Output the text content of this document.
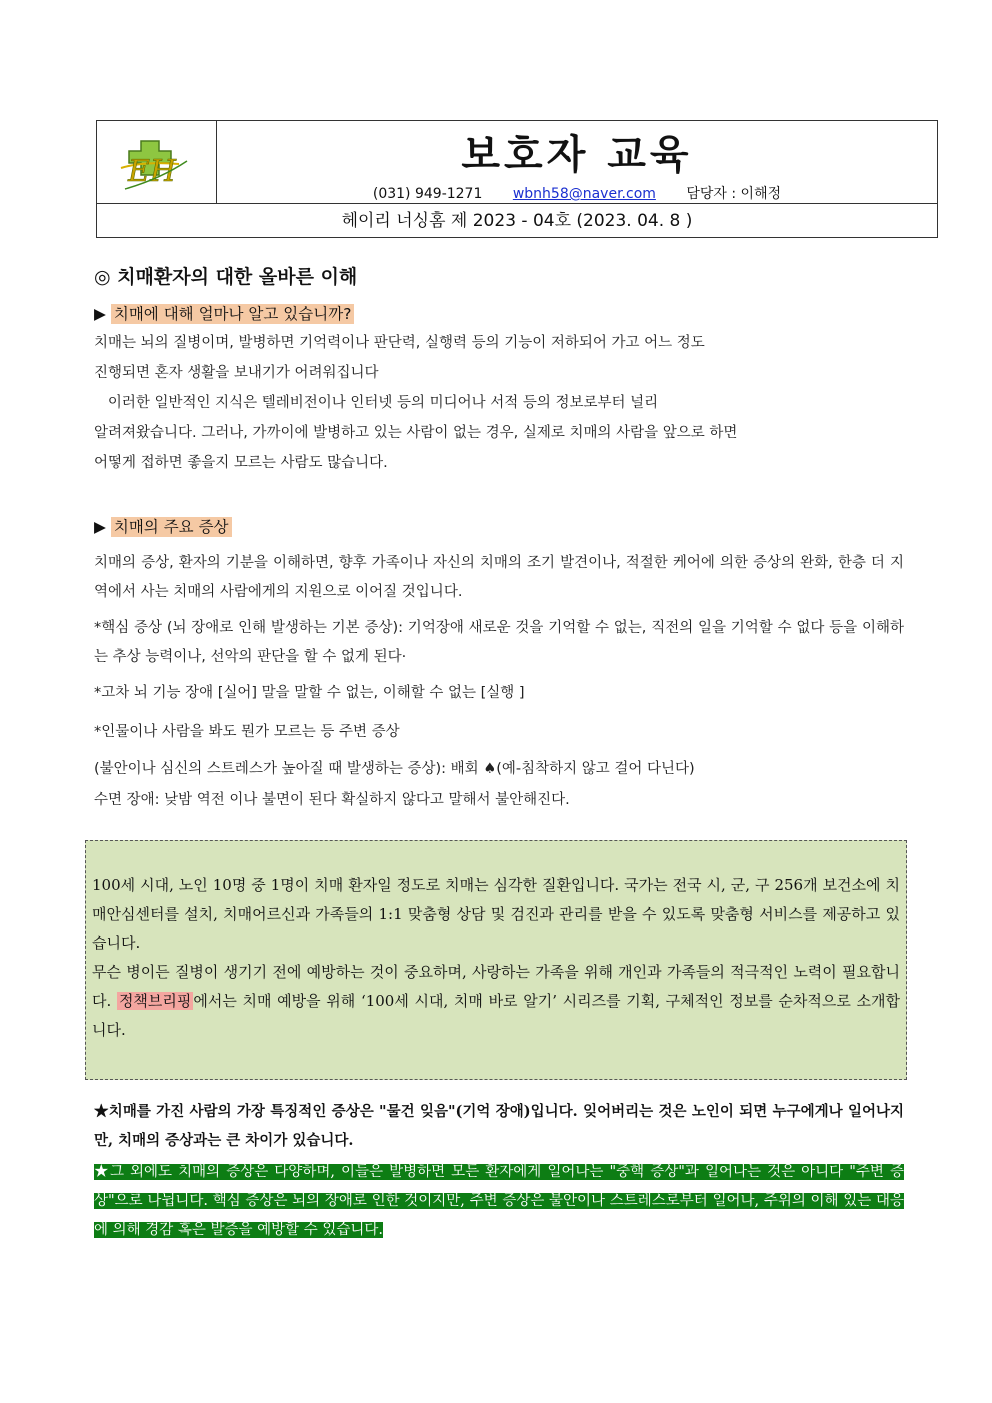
EH	보호자 교육
(031) 949-1271 wbnh58@naver.com 담당자 : 이해정
헤이리 너싱홈 제 2023 - 04호 (2023. 04. 8 )
◎ 치매환자의 대한 올바른 이해
▶ 치매에 대해 얼마나 알고 있습니까?

치매는 뇌의 질병이며, 발병하면 기억력이나 판단력, 실행력 등의 기능이 저하되어 가고 어느 정도

진행되면 혼자 생활을 보내기가 어려워집니다

이러한 일반적인 지식은 텔레비전이나 인터넷 등의 미디어나 서적 등의 정보로부터 널리

알려져왔습니다. 그러나, 가까이에 발병하고 있는 사람이 없는 경우, 실제로 치매의 사람을 앞으로 하면

어떻게 접하면 좋을지 모르는 사람도 많습니다.

▶ 치매의 주요 증상
치매의 증상, 환자의 기분을 이해하면, 향후 가족이나 자신의 치매의 조기 발견이나, 적절한 케어에 의한 증상의 완화, 한층 더 지역에서 사는 치매의 사람에게의 지원으로 이어질 것입니다.
*핵심 증상 (뇌 장애로 인해 발생하는 기본 증상): 기억장애 새로운 것을 기억할 수 없는, 직전의 일을 기억할 수 없다 등을 이해하는 추상 능력이나, 선악의 판단을 할 수 없게 된다·
*고차 뇌 기능 장애 [실어] 말을 말할 수 없는, 이해할 수 없는 [실행 ]
*인물이나 사람을 봐도 뭔가 모르는 등 주변 증상
(불안이나 심신의 스트레스가 높아질 때 발생하는 증상): 배회 ♠(예-침착하지 않고 걸어 다닌다)
수면 장애: 낮밤 역전 이나 불면이 된다 확실하지 않다고 말해서 불안해진다.

100세 시대, 노인 10명 중 1명이 치매 환자일 정도로 치매는 심각한 질환입니다. 국가는 전국 시, 군, 구 256개 보건소에 치매안심센터를 설치, 치매어르신과 가족들의 1:1 맞춤형 상담 및 검진과 관리를 받을 수 있도록 맞춤형 서비스를 제공하고 있습니다.

무슨 병이든 질병이 생기기 전에 예방하는 것이 중요하며, 사랑하는 가족을 위해 개인과 가족들의 적극적인 노력이 필요합니다. 정책브리핑 에서는 치매 예방을 위해 ‘100세 시대, 치매 바로 알기’ 시리즈를 기획, 구체적인 정보를 순차적으로 소개합니다.

★치매를 가진 사람의 가장 특징적인 증상은 "물건 잊음"(기억 장애)입니다. 잊어버리는 것은 노인이 되면 누구에게나 일어나지만, 치매의 증상과는 큰 차이가 있습니다.
★그 외에도 치매의 증상은 다양하며, 이들은 발병하면 모든 환자에게 일어나는 "중핵 증상"과 일어나는 것은 아니다 "주변 증상"으로 나뉩니다. 핵심 증상은 뇌의 장애로 인한 것이지만, 주변 증상은 불안이나 스트레스로부터 일어나, 주위의 이해 있는 대응에 의해 경감 혹은 발증을 예방할 수 있습니다.
